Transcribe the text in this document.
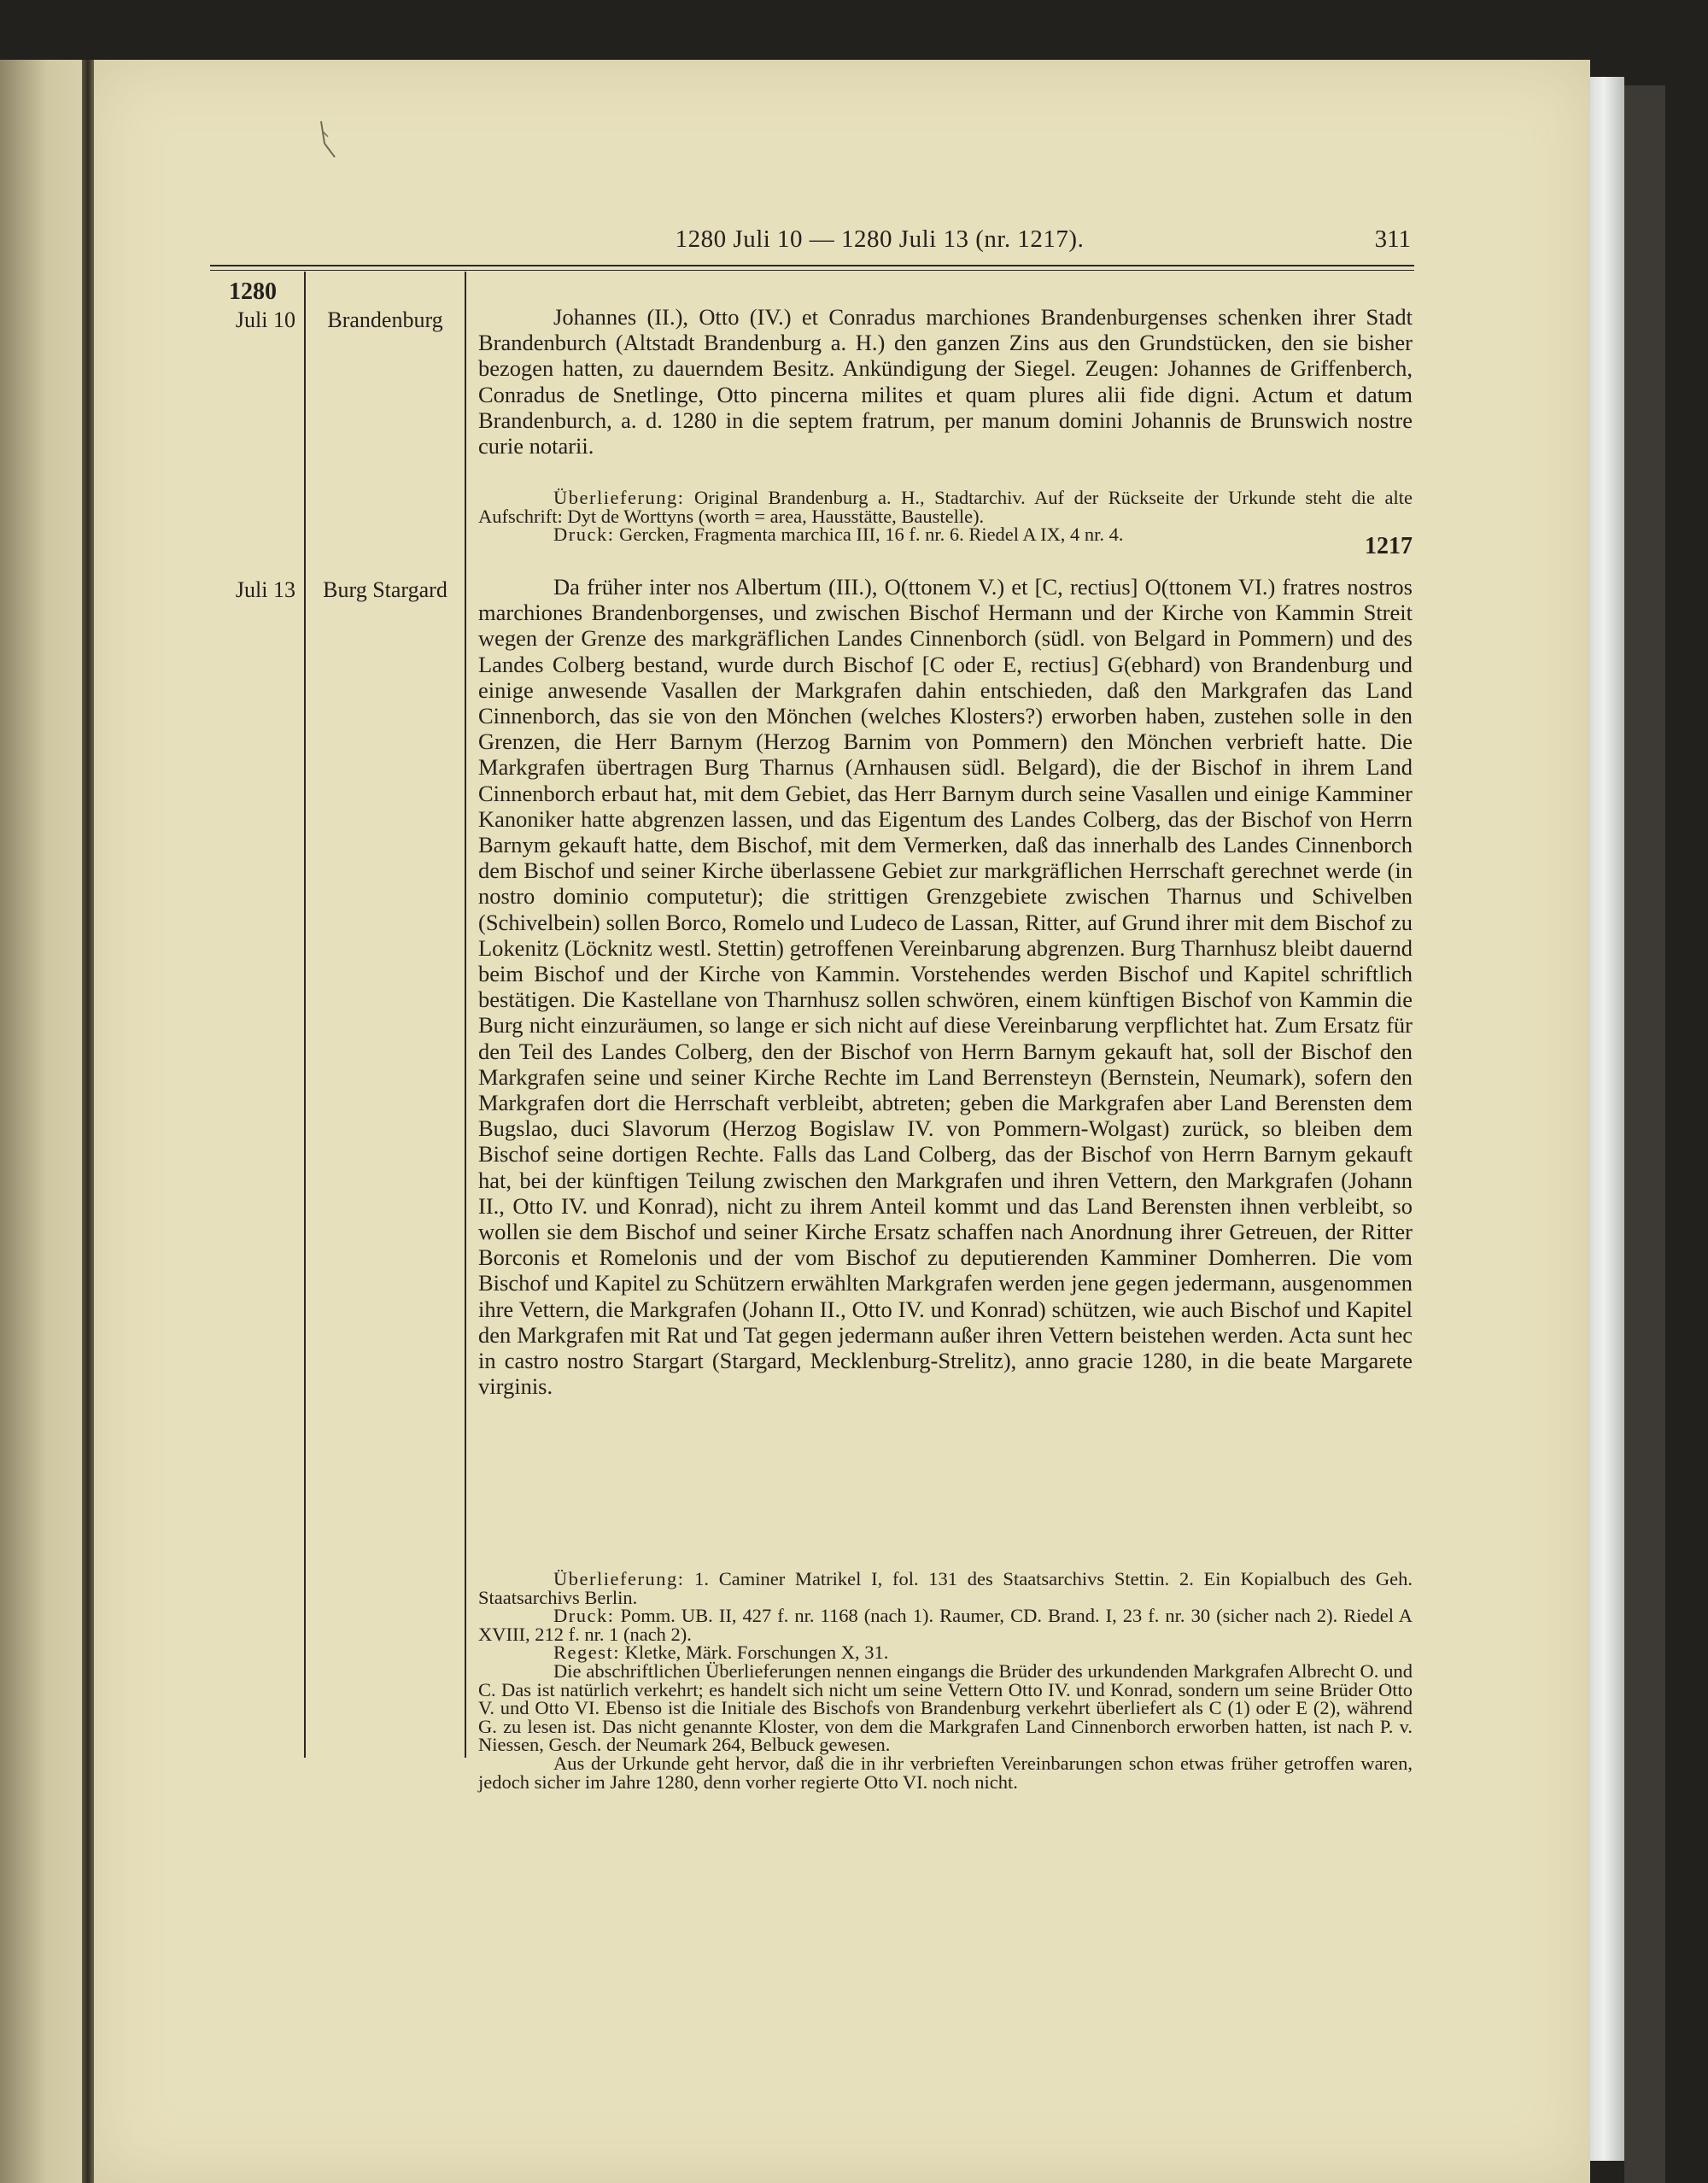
1280 Juli 10 — 1280 Juli 13 (nr. 1217).	311
1280
Juli 10	Brandenburg	Johannes (II.), Otto (IV.) et Conradus marchiones Brandenburgenses schenken ihrer Stadt Brandenburch (Altstadt Brandenburg a. H.) den ganzen Zins aus den Grundstücken, den sie bisher bezogen hatten, zu dauerndem Besitz. Ankündigung der Siegel. Zeugen: Johannes de Griffenberch, Conradus de Snetlinge, Otto pincerna milites et quam plures alii fide digni. Actum et datum Brandenburch, a. d. 1280 in die septem fratrum, per manum domini Johannis de Brunswich nostre curie notarii.

Überlieferung: Original Brandenburg a. H., Stadtarchiv. Auf der Rückseite der Urkunde steht die alte Aufschrift: Dyt de Worttyns (worth = area, Hausstätte, Baustelle).

Druck: Gercken, Fragmenta marchica III, 16 f. nr. 6. Riedel A IX, 4 nr. 4.	1217
Juli 13	Burg Stargard	Da früher inter nos Albertum (III.), O(ttonem V.) et [C, rectius] O(ttonem VI.) fratres nostros marchiones Brandenborgenses, und zwischen Bischof Hermann und der Kirche von Kammin Streit wegen der Grenze des markgräflichen Landes Cinnenborch (südl. von Belgard in Pommern) und des Landes Colberg bestand, wurde durch Bischof [C oder E, rectius] G(ebhard) von Brandenburg und einige anwesende Vasallen der Markgrafen dahin entschieden, daß den Markgrafen das Land Cinnenborch, das sie von den Mönchen (welches Klosters?) erworben haben, zustehen solle in den Grenzen, die Herr Barnym (Herzog Barnim von Pommern) den Mönchen verbrieft hatte. Die Markgrafen übertragen Burg Tharnus (Arnhausen südl. Belgard), die der Bischof in ihrem Land Cinnenborch erbaut hat, mit dem Gebiet, das Herr Barnym durch seine Vasallen und einige Kamminer Kanoniker hatte abgrenzen lassen, und das Eigentum des Landes Colberg, das der Bischof von Herrn Barnym gekauft hatte, dem Bischof, mit dem Vermerken, daß das innerhalb des Landes Cinnenborch dem Bischof und seiner Kirche überlassene Gebiet zur markgräflichen Herrschaft gerechnet werde (in nostro dominio computetur); die strittigen Grenzgebiete zwischen Tharnus und Schivelben (Schivelbein) sollen Borco, Romelo und Ludeco de Lassan, Ritter, auf Grund ihrer mit dem Bischof zu Lokenitz (Löcknitz westl. Stettin) getroffenen Vereinbarung abgrenzen. Burg Tharnhusz bleibt dauernd beim Bischof und der Kirche von Kammin. Vorstehendes werden Bischof und Kapitel schriftlich bestätigen. Die Kastellane von Tharnhusz sollen schwören, einem künftigen Bischof von Kammin die Burg nicht einzuräumen, so lange er sich nicht auf diese Vereinbarung verpflichtet hat. Zum Ersatz für den Teil des Landes Colberg, den der Bischof von Herrn Barnym gekauft hat, soll der Bischof den Markgrafen seine und seiner Kirche Rechte im Land Berrensteyn (Bernstein, Neumark), sofern den Markgrafen dort die Herrschaft verbleibt, abtreten; geben die Markgrafen aber Land Berensten dem Bugslao, duci Slavorum (Herzog Bogislaw IV. von Pommern-Wolgast) zurück, so bleiben dem Bischof seine dortigen Rechte. Falls das Land Colberg, das der Bischof von Herrn Barnym gekauft hat, bei der künftigen Teilung zwischen den Markgrafen und ihren Vettern, den Markgrafen (Johann II., Otto IV. und Konrad), nicht zu ihrem Anteil kommt und das Land Berensten ihnen verbleibt, so wollen sie dem Bischof und seiner Kirche Ersatz schaffen nach Anordnung ihrer Getreuen, der Ritter Borconis et Romelonis und der vom Bischof zu deputierenden Kamminer Domherren. Die vom Bischof und Kapitel zu Schützern erwählten Markgrafen werden jene gegen jedermann, ausgenommen ihre Vettern, die Markgrafen (Johann II., Otto IV. und Konrad) schützen, wie auch Bischof und Kapitel den Markgrafen mit Rat und Tat gegen jedermann außer ihren Vettern beistehen werden. Acta sunt hec in castro nostro Stargart (Stargard, Mecklenburg-Strelitz), anno gracie 1280, in die beate Margarete virginis.

Überlieferung: 1. Caminer Matrikel I, fol. 131 des Staatsarchivs Stettin. 2. Ein Kopialbuch des Geh. Staatsarchivs Berlin.

Druck: Pomm. UB. II, 427 f. nr. 1168 (nach 1). Raumer, CD. Brand. I, 23 f. nr. 30 (sicher nach 2). Riedel A XVIII, 212 f. nr. 1 (nach 2).

Regest: Kletke, Märk. Forschungen X, 31.

Die abschriftlichen Überlieferungen nennen eingangs die Brüder des urkundenden Markgrafen Albrecht O. und C. Das ist natürlich verkehrt; es handelt sich nicht um seine Vettern Otto IV. und Konrad, sondern um seine Brüder Otto V. und Otto VI. Ebenso ist die Initiale des Bischofs von Brandenburg verkehrt überliefert als C (1) oder E (2), während G. zu lesen ist. Das nicht genannte Kloster, von dem die Markgrafen Land Cinnenborch erworben hatten, ist nach P. v. Niessen, Gesch. der Neumark 264, Belbuck gewesen.

Aus der Urkunde geht hervor, daß die in ihr verbrieften Vereinbarungen schon etwas früher getroffen waren, jedoch sicher im Jahre 1280, denn vorher regierte Otto VI. noch nicht.
